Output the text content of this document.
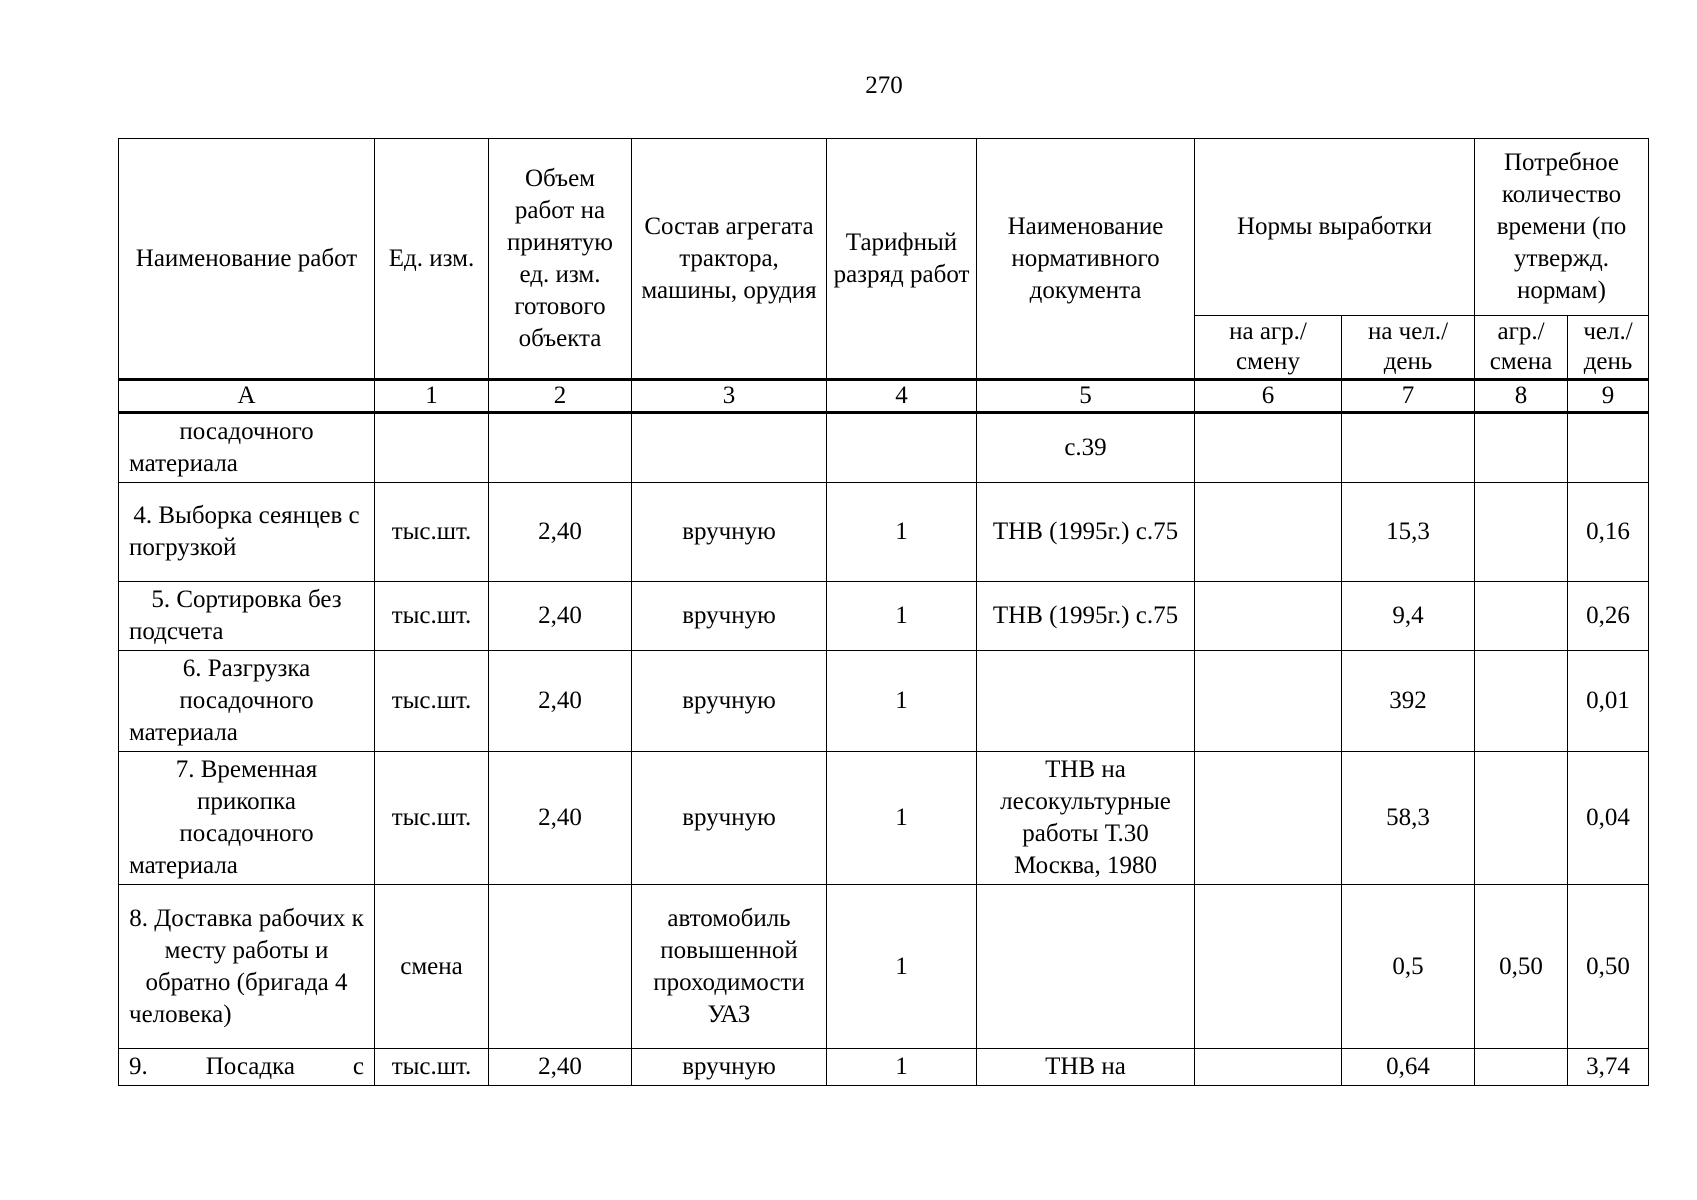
270
Наименование работ	Ед. изм.	Объем работ на принятую ед. изм. готового объекта	Состав агрегата трактора, машины, орудия	Тарифный разряд работ	Наименование нормативного документа	Нормы выработки		Потребное количество времени (по утвержд. нормам)	
						на агр./смену	на чел./день	агр./ смена	чел./ день
А	1	2	3	4	5	6	7	8	9
посадочного материала					с.39				
4. Выборка сеянцев с погрузкой	тыс.шт.	2,40	вручную	1	ТНВ (1995г.) с.75		15,3		0,16
5. Сортировка без подсчета	тыс.шт.	2,40	вручную	1	ТНВ (1995г.) с.75		9,4		0,26
6. Разгрузка посадочного материала	тыс.шт.	2,40	вручную	1			392		0,01
7. Временная прикопка посадочного материала	тыс.шт.	2,40	вручную	1	ТНВ на лесокультурные работы Т.30 Москва, 1980		58,3		0,04
8. Доставка рабочих к месту работы и обратно (бригада 4 человека)	смена		автомобиль повышенной проходимости УАЗ	1			0,5	0,50	0,50
9. Посадка с	тыс.шт.	2,40	вручную	1	ТНВ на		0,64		3,74
